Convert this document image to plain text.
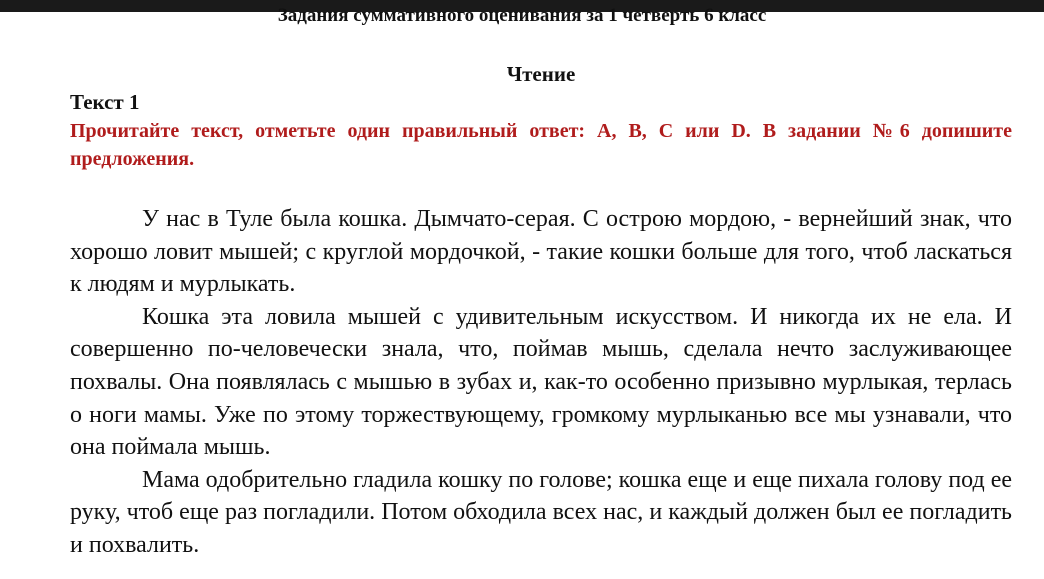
Задания суммативного оценивания за 1 четверть 6 класс
Чтение
Текст 1
Прочитайте текст, отметьте один правильный ответ: A, B, C или D. В задании №6 допишите предложения.

У нас в Туле была кошка. Дымчато-серая. С острою мордою, - вернейший знак, что хорошо ловит мышей; с круглой мордочкой, - такие кошки больше для того, чтоб ласкаться к людям и мурлыкать.

Кошка эта ловила мышей с удивительным искусством. И никогда их не ела. И совершенно по-человечески знала, что, поймав мышь, сделала нечто заслуживающее похвалы. Она появлялась с мышью в зубах и, как-то особенно призывно мурлыкая, терлась о ноги мамы. Уже по этому торжествующему, громкому мурлыканью все мы узнавали, что она поймала мышь.

Мама одобрительно гладила кошку по голове; кошка еще и еще пихала голову под ее руку, чтоб еще раз погладили. Потом обходила всех нас, и каждый должен был ее погладить и похвалить.
